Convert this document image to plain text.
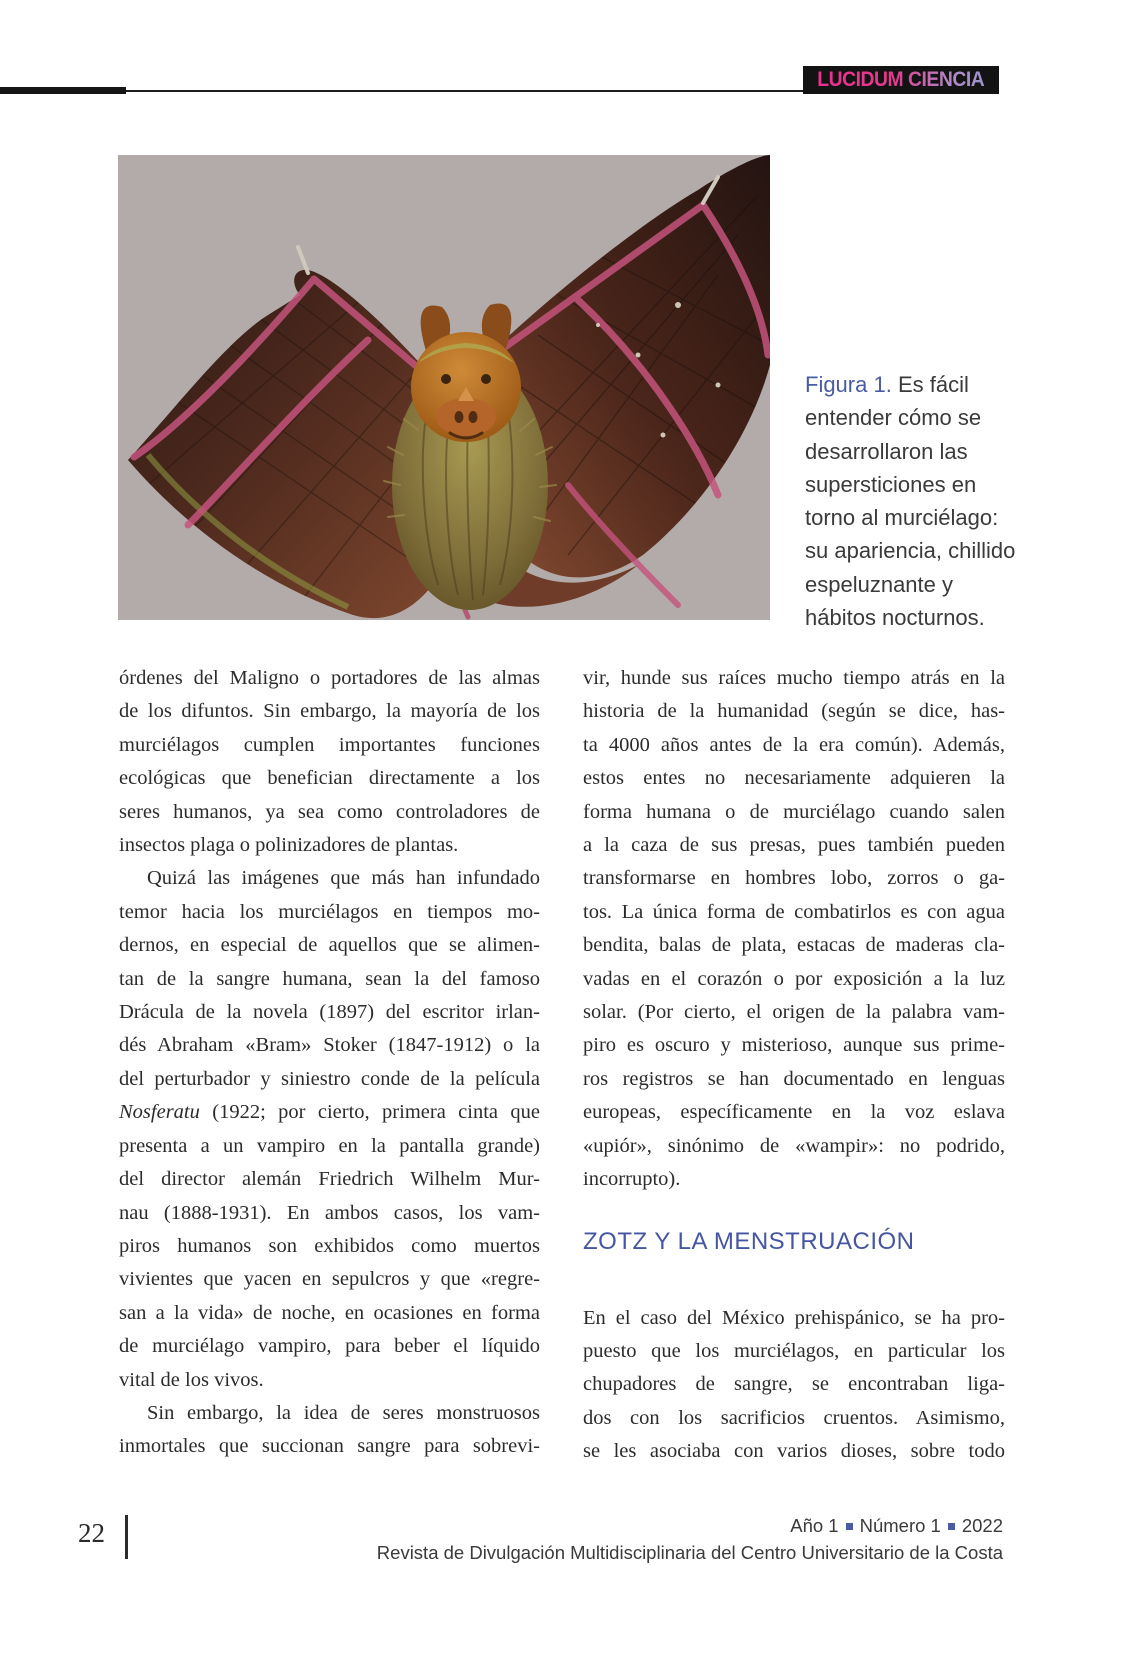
LUCIDUM CIENCIA
Figura 1. Es fácil
entender cómo se
desarrollaron las
supersticiones en
torno al murciélago:
su apariencia, chillido
espeluznante y
hábitos nocturnos.
órdenes del Maligno o portadores de las almas
de los difuntos. Sin embargo, la mayoría de los
murciélagos cumplen importantes funciones
ecológicas que benefician directamente a los
seres humanos, ya sea como controladores de
insectos plaga o polinizadores de plantas.
Quizá las imágenes que más han infundado
temor hacia los murciélagos en tiempos mo-
dernos, en especial de aquellos que se alimen-
tan de la sangre humana, sean la del famoso
Drácula de la novela (1897) del escritor irlan-
dés Abraham «Bram» Stoker (1847-1912) o la
del perturbador y siniestro conde de la película
Nosferatu (1922; por cierto, primera cinta que
presenta a un vampiro en la pantalla grande)
del director alemán Friedrich Wilhelm Mur-
nau (1888-1931). En ambos casos, los vam-
piros humanos son exhibidos como muertos
vivientes que yacen en sepulcros y que «regre-
san a la vida» de noche, en ocasiones en forma
de murciélago vampiro, para beber el líquido
vital de los vivos.
Sin embargo, la idea de seres monstruosos
inmortales que succionan sangre para sobrevi-
vir, hunde sus raíces mucho tiempo atrás en la
historia de la humanidad (según se dice, has-
ta 4000 años antes de la era común). Además,
estos entes no necesariamente adquieren la
forma humana o de murciélago cuando salen
a la caza de sus presas, pues también pueden
transformarse en hombres lobo, zorros o ga-
tos. La única forma de combatirlos es con agua
bendita, balas de plata, estacas de maderas cla-
vadas en el corazón o por exposición a la luz
solar. (Por cierto, el origen de la palabra vam-
piro es oscuro y misterioso, aunque sus prime-
ros registros se han documentado en lenguas
europeas, específicamente en la voz eslava
«upiór», sinónimo de «wampir»: no podrido,
incorrupto).
ZOTZ Y LA MENSTRUACIÓN
En el caso del México prehispánico, se ha pro-
puesto que los murciélagos, en particular los
chupadores de sangre, se encontraban liga-
dos con los sacrificios cruentos. Asimismo,
se les asociaba con varios dioses, sobre todo
22	Año 1 Número 1 2022
Revista de Divulgación Multidisciplinaria del Centro Universitario de la Costa
